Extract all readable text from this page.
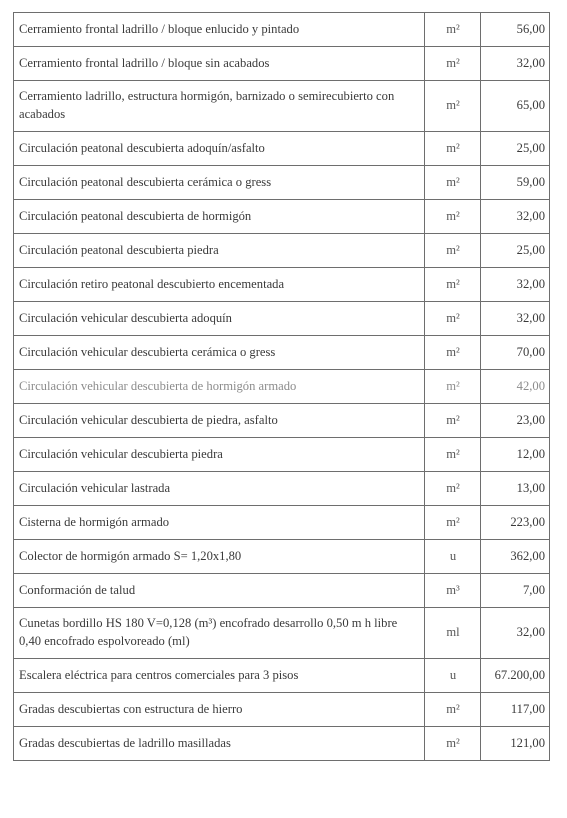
Cerramiento frontal ladrillo / bloque enlucido y pintado	m²	56,00
Cerramiento frontal ladrillo / bloque sin acabados	m²	32,00
Cerramiento ladrillo, estructura hormigón, barnizado o semirecubierto con acabados	m²	65,00
Circulación peatonal descubierta adoquín/asfalto	m²	25,00
Circulación peatonal descubierta cerámica o gress	m²	59,00
Circulación peatonal descubierta de hormigón	m²	32,00
Circulación peatonal descubierta piedra	m²	25,00
Circulación retiro peatonal descubierto encementada	m²	32,00
Circulación vehicular descubierta adoquín	m²	32,00
Circulación vehicular descubierta cerámica o gress	m²	70,00
Circulación vehicular descubierta de hormigón armado	m²	42,00
Circulación vehicular descubierta de piedra, asfalto	m²	23,00
Circulación vehicular descubierta piedra	m²	12,00
Circulación vehicular lastrada	m²	13,00
Cisterna de hormigón armado	m²	223,00
Colector de hormigón armado S= 1,20x1,80	u	362,00
Conformación de talud	m³	7,00
Cunetas bordillo HS 180 V=0,128 (m³) encofrado desarrollo 0,50 m h libre 0,40 encofrado espolvoreado (ml)	ml	32,00
Escalera eléctrica para centros comerciales para 3 pisos	u	67.200,00
Gradas descubiertas con estructura de hierro	m²	117,00
Gradas descubiertas de ladrillo masilladas	m²	121,00
